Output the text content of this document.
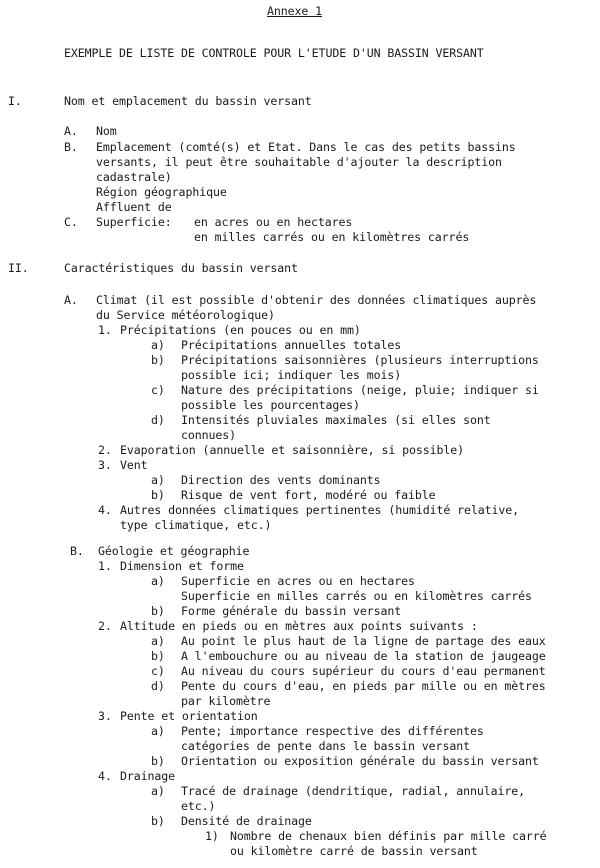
Annexe 1
EXEMPLE DE LISTE DE CONTROLE POUR L'ETUDE D'UN BASSIN VERSANT
I.	Nom et emplacement du bassin versant
A. Nom
B. Emplacement (comté(s) et Etat. Dans le cas des petits bassins
versants, il peut être souhaitable d'ajouter la description
cadastrale)
Région géographique
Affluent de
C. Superficie: en acres ou en hectares
en milles carrés ou en kilomètres carrés
II.	Caractéristiques du bassin versant
A. Climat (il est possible d'obtenir des données climatiques auprès
du Service météorologique)
1. Précipitations (en pouces ou en mm)
a) Précipitations annuelles totales
b) Précipitations saisonnières (plusieurs interruptions
possible ici; indiquer les mois)
c) Nature des précipitations (neige, pluie; indiquer si
possible les pourcentages)
d) Intensités pluviales maximales (si elles sont
connues)
2. Evaporation (annuelle et saisonnière, si possible)
3. Vent
a) Direction des vents dominants
b) Risque de vent fort, modéré ou faible
4. Autres données climatiques pertinentes (humidité relative,
type climatique, etc.)
B. Géologie et géographie
1. Dimension et forme
a) Superficie en acres ou en hectares
Superficie en milles carrés ou en kilomètres carrés
b) Forme générale du bassin versant
2. Altitude en pieds ou en mètres aux points suivants :
a) Au point le plus haut de la ligne de partage des eaux
b) A l'embouchure ou au niveau de la station de jaugeage
c) Au niveau du cours supérieur du cours d'eau permanent
d) Pente du cours d'eau, en pieds par mille ou en mètres
par kilomètre
3. Pente et orientation
a) Pente; importance respective des différentes
catégories de pente dans le bassin versant
b) Orientation ou exposition générale du bassin versant
4. Drainage
a) Tracé de drainage (dendritique, radial, annulaire,
etc.)
b) Densité de drainage
1) Nombre de chenaux bien définis par mille carré
ou kilomètre carré de bassin versant
